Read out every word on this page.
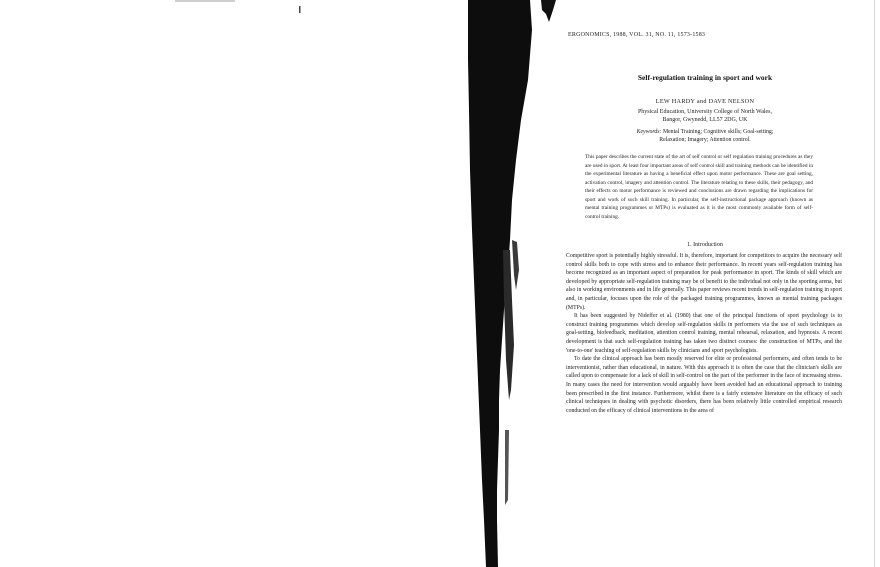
ERGONOMICS, 1988, VOL. 31, NO. 11, 1573-1583
Self-regulation training in sport and work
LEW HARDY and DAVE NELSON
Physical Education, University College of North Wales,
Bangor, Gwynedd, LL57 2DG, UK
Keywords: Mental Training; Cognitive skills; Goal-setting;
Relaxation; Imagery; Attention control.
This paper describes the current state of the art of self control or self regulation training procedures as they are used in sport. At least four important areas of self control skill and training methods can be identified in the experimental literature as having a beneficial effect upon motor performance. These are goal setting, activation control, imagery and attention control. The literature relating to these skills, their pedagogy, and their effects on motor performance is reviewed and conclusions are drawn regarding the implications for sport and work of such skill training. In particular, the self-instructional package approach (known as mental training programmes or MTPs) is evaluated as it is the most commonly available form of self-control training.
1. Introduction

Competitive sport is potentially highly stressful. It is, therefore, important for competitors to acquire the necessary self control skills both to cope with stress and to enhance their performance. In recent years self-regulation training has become recognized as an important aspect of preparation for peak performance in sport. The kinds of skill which are developed by appropriate self-regulation training may be of benefit to the individual not only in the sporting arena, but also in working environments and in life generally. This paper reviews recent trends in self-regulation training in sport and, in particular, focuses upon the role of the packaged training programmes, known as mental training packages (MTPs).

It has been suggested by Nideffer et al. (1980) that one of the principal functions of sport psychology is to construct training programmes which develop self-regulation skills in performers via the use of such techniques as goal-setting, biofeedback, meditation, attention control training, mental rehearsal, relaxation, and hypnosis. A recent development is that such self-regulation training has taken two distinct courses: the construction of MTPs, and the 'one-to-one' teaching of self-regulation skills by clinicians and sport psychologists.

To date the clinical approach has been mostly reserved for elite or professional performers, and often tends to be interventionist, rather than educational, in nature. With this approach it is often the case that the clinician's skills are called upon to compensate for a lack of skill in self-control on the part of the performer in the face of increasing stress. In many cases the need for intervention would arguably have been avoided had an educational approach to training been prescribed in the first instance. Furthermore, whilst there is a fairly extensive literature on the efficacy of such clinical techniques in dealing with psychotic disorders, there has been relatively little controlled empirical research conducted on the efficacy of clinical interventions in the area of
